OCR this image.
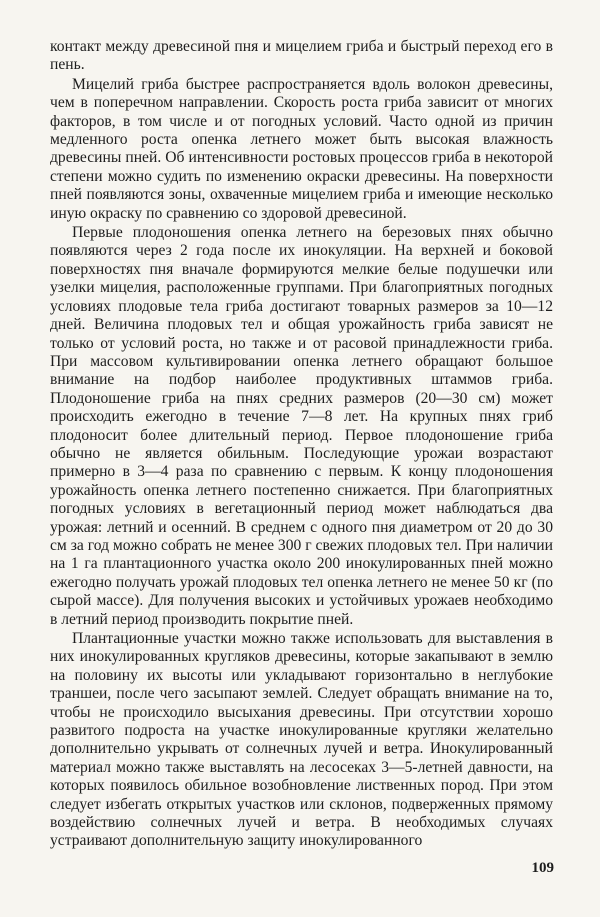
контакт между древесиной пня и мицелием гриба и быстрый переход его в пень.

Мицелий гриба быстрее распространяется вдоль волокон древесины, чем в поперечном направлении. Скорость роста гриба зависит от многих факторов, в том числе и от погодных условий. Часто одной из причин медленного роста опенка летнего может быть высокая влажность древесины пней. Об интенсивности ростовых процессов гриба в некоторой степени можно судить по изменению окраски древесины. На поверхности пней появляются зоны, охваченные мицелием гриба и имеющие несколько иную окраску по сравнению со здоровой древесиной.

Первые плодоношения опенка летнего на березовых пнях обычно появляются через 2 года после их инокуляции. На верхней и боковой поверхностях пня вначале формируются мелкие белые подушечки или узелки мицелия, расположенные группами. При благоприятных погодных условиях плодовые тела гриба достигают товарных размеров за 10—12 дней. Величина плодовых тел и общая урожайность гриба зависят не только от условий роста, но также и от расовой принадлежности гриба. При массовом культивировании опенка летнего обращают большое внимание на подбор наиболее продуктивных штаммов гриба. Плодоношение гриба на пнях средних размеров (20—30 см) может происходить ежегодно в течение 7—8 лет. На крупных пнях гриб плодоносит более длительный период. Первое плодоношение гриба обычно не является обильным. Последующие урожаи возрастают примерно в 3—4 раза по сравнению с первым. К концу плодоношения урожайность опенка летнего постепенно снижается. При благоприятных погодных условиях в вегетационный период может наблюдаться два урожая: летний и осенний. В среднем с одного пня диаметром от 20 до 30 см за год можно собрать не менее 300 г свежих плодовых тел. При наличии на 1 га плантационного участка около 200 инокулированных пней можно ежегодно получать урожай плодовых тел опенка летнего не менее 50 кг (по сырой массе). Для получения высоких и устойчивых урожаев необходимо в летний период производить покрытие пней.

Плантационные участки можно также использовать для выставления в них инокулированных кругляков древесины, которые закапывают в землю на половину их высоты или укладывают горизонтально в неглубокие траншеи, после чего засыпают землей. Следует обращать внимание на то, чтобы не происходило высыхания древесины. При отсутствии хорошо развитого подроста на участке инокулированные кругляки желательно дополнительно укрывать от солнечных лучей и ветра. Инокулированный материал можно также выставлять на лесосеках 3—5-летней давности, на которых появилось обильное возобновление лиственных пород. При этом следует избегать открытых участков или склонов, подверженных прямому воздействию солнечных лучей и ветра. В необходимых случаях устраивают дополнительную защиту инокулированного

109
